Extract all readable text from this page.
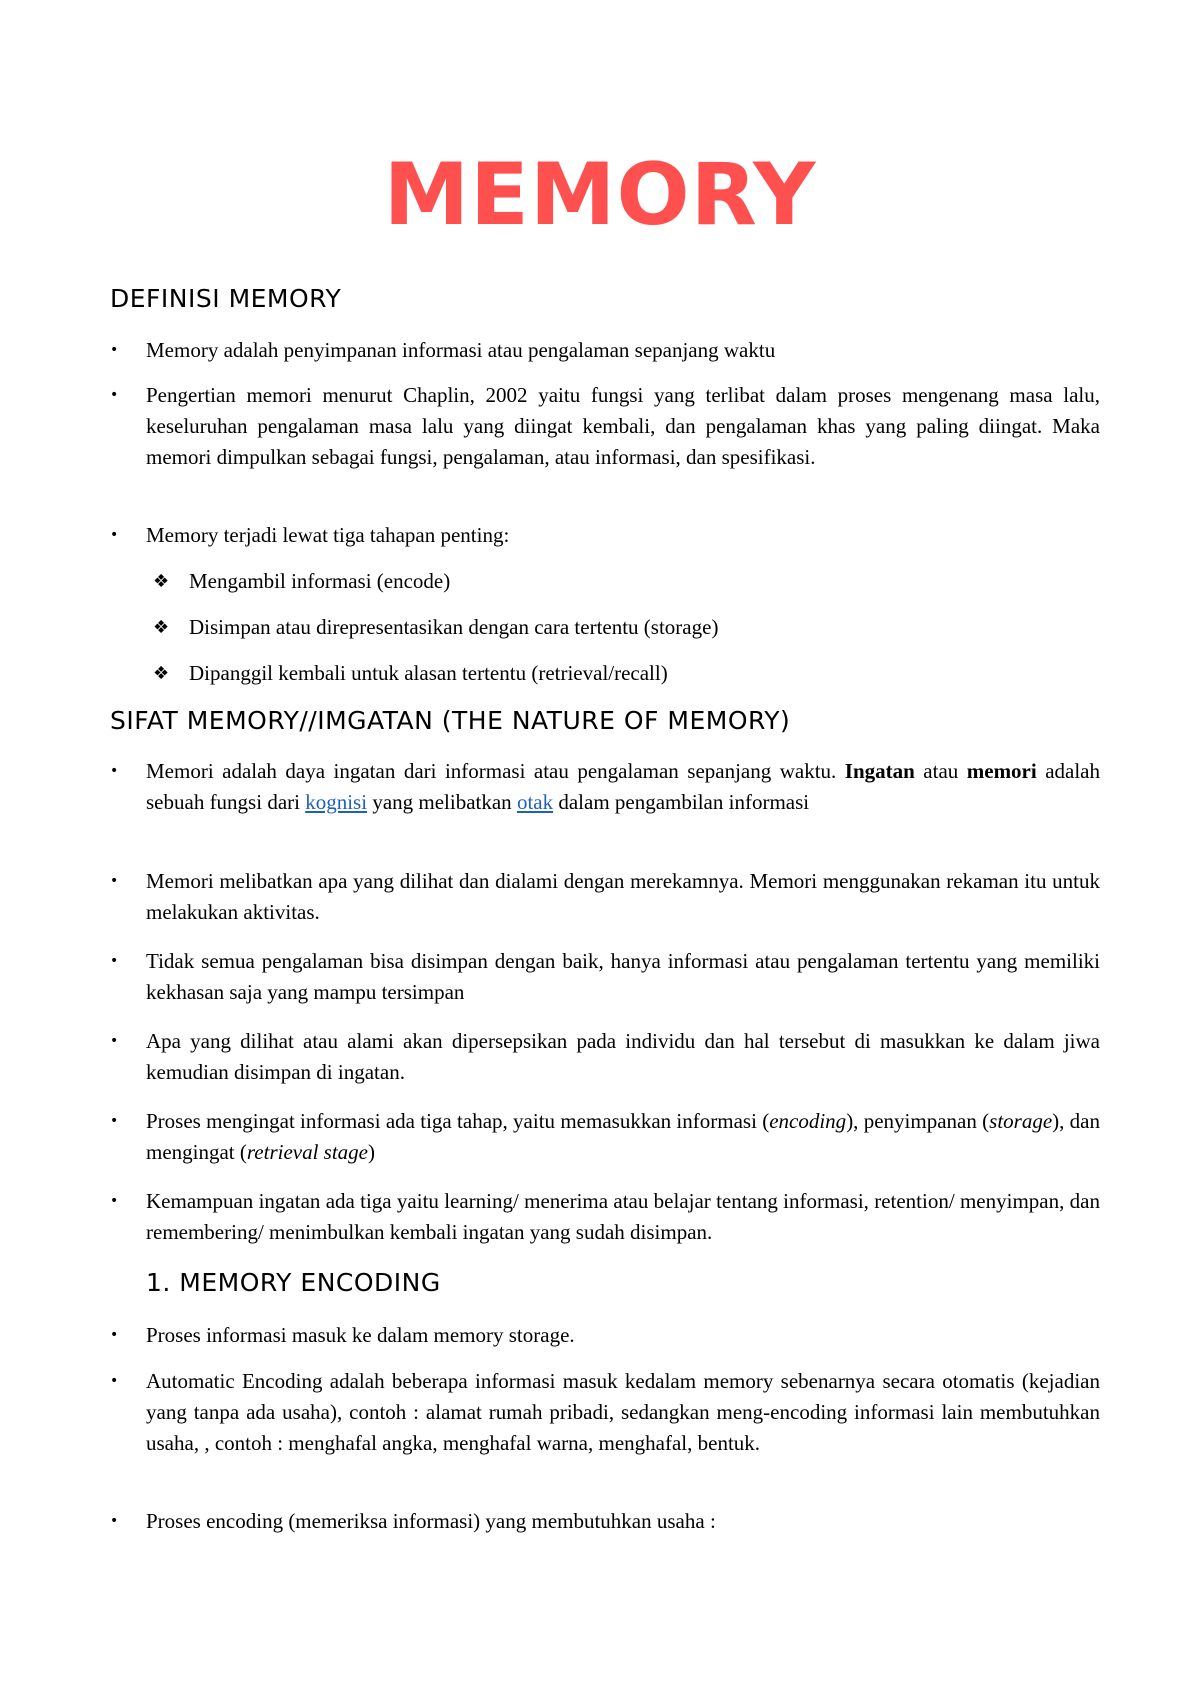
MEMORY
DEFINISI MEMORY
•	Memory adalah penyimpanan informasi atau pengalaman sepanjang waktu
•	Pengertian memori menurut Chaplin, 2002 yaitu fungsi yang terlibat dalam proses mengenang masa lalu, keseluruhan pengalaman masa lalu yang diingat kembali, dan pengalaman khas yang paling diingat. Maka memori dimpulkan sebagai fungsi, pengalaman, atau informasi, dan spesifikasi.
•	Memory terjadi lewat tiga tahapan penting:
❖ Mengambil informasi (encode)
❖ Disimpan atau direpresentasikan dengan cara tertentu (storage)
❖ Dipanggil kembali untuk alasan tertentu (retrieval/recall)
SIFAT MEMORY//IMGATAN (THE NATURE OF MEMORY)
•	Memori adalah daya ingatan dari informasi atau pengalaman sepanjang waktu. Ingatan atau memori adalah sebuah fungsi dari kognisi yang melibatkan otak dalam pengambilan informasi
•	Memori melibatkan apa yang dilihat dan dialami dengan merekamnya. Memori menggunakan rekaman itu untuk melakukan aktivitas.
•	Tidak semua pengalaman bisa disimpan dengan baik, hanya informasi atau pengalaman tertentu yang memiliki kekhasan saja yang mampu tersimpan
•	Apa yang dilihat atau alami akan dipersepsikan pada individu dan hal tersebut di masukkan ke dalam jiwa kemudian disimpan di ingatan.
•	Proses mengingat informasi ada tiga tahap, yaitu memasukkan informasi (encoding), penyimpanan (storage), dan mengingat (retrieval stage)
•	Kemampuan ingatan ada tiga yaitu learning/ menerima atau belajar tentang informasi, retention/ menyimpan, dan remembering/ menimbulkan kembali ingatan yang sudah disimpan.
1. MEMORY ENCODING
•	Proses informasi masuk ke dalam memory storage.
•	Automatic Encoding adalah beberapa informasi masuk kedalam memory sebenarnya secara otomatis (kejadian yang tanpa ada usaha), contoh : alamat rumah pribadi, sedangkan meng-encoding informasi lain membutuhkan usaha, , contoh : menghafal angka, menghafal warna, menghafal, bentuk.
•	Proses encoding (memeriksa informasi) yang membutuhkan usaha :
